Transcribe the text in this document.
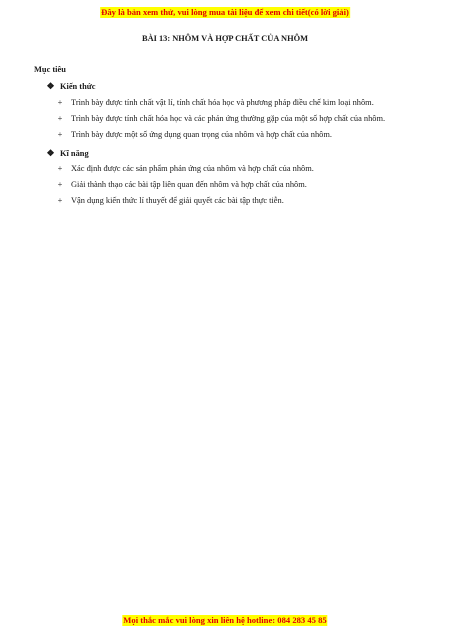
Đây là bản xem thử, vui lòng mua tài liệu để xem chi tiết(có lời giải)
BÀI 13: NHÔM VÀ HỢP CHẤT CỦA NHÔM

Mục tiêu

❖ Kiến thức
+ Trình bày được tính chất vật lí, tính chất hóa học và phương pháp điều chế kim loại nhôm.
+ Trình bày được tính chất hóa học và các phản ứng thường gặp của một số hợp chất của nhôm.
+ Trình bày được một số ứng dụng quan trọng của nhôm và hợp chất của nhôm.
❖ Kĩ năng
+ Xác định được các sản phẩm phản ứng của nhôm và hợp chất của nhôm.
+ Giải thành thạo các bài tập liên quan đến nhôm và hợp chất của nhôm.
+ Vận dụng kiến thức lí thuyết để giải quyết các bài tập thực tiễn.
Mọi thắc mắc vui lòng xin liên hệ hotline: 084 283 45 85
